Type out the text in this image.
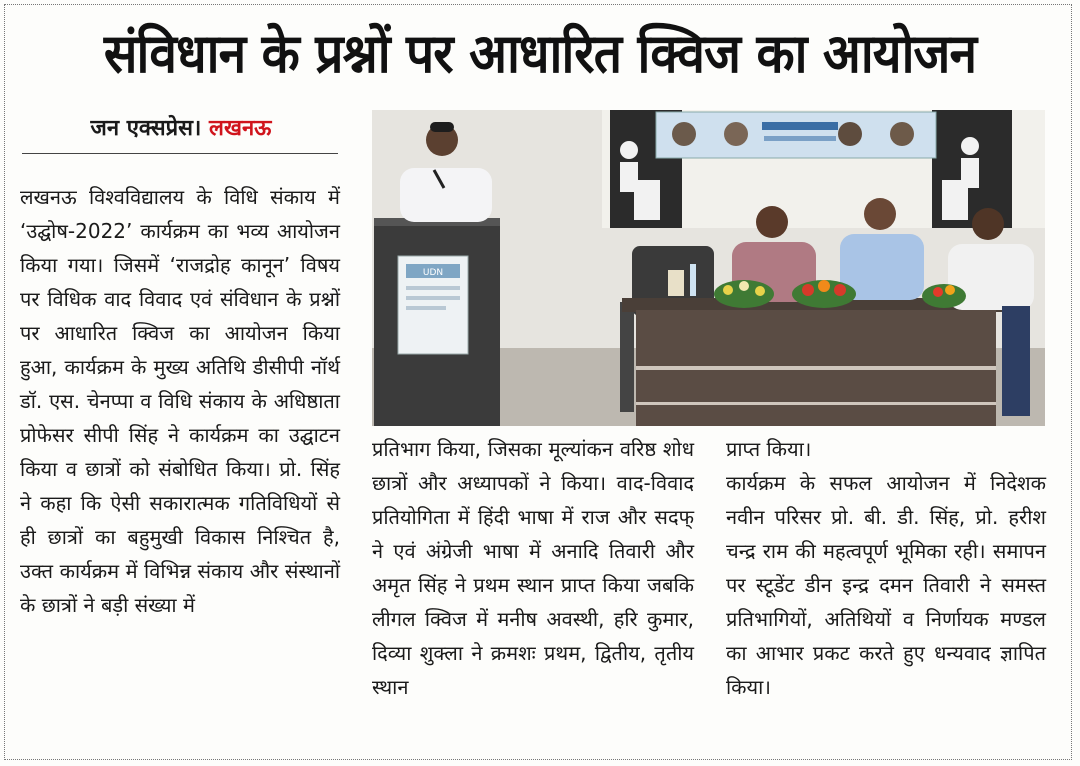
संविधान के प्रश्नों पर आधारित क्विज का आयोजन
जन एक्सप्रेस। लखनऊ

लखनऊ विश्वविद्यालय के विधि संकाय में ‘उद्घोष-2022’ कार्यक्रम का भव्य आयोजन किया गया। जिसमें ‘राजद्रोह कानून’ विषय पर विधिक वाद विवाद एवं संविधान के प्रश्नों पर आधारित क्विज का आयोजन किया हुआ, कार्यक्रम के मुख्य अतिथि डीसीपी नॉर्थ डॉ. एस. चेनप्पा व विधि संकाय के अधिष्ठाता प्रोफेसर सीपी सिंह ने कार्यक्रम का उद्घाटन किया व छात्रों को संबोधित किया। प्रो. सिंह ने कहा कि ऐसी सकारात्मक गतिविधियों से ही छात्रों का बहुमुखी विकास निश्चित है, उक्त कार्यक्रम में विभिन्न संकाय और संस्थानों के छात्रों ने बड़ी संख्या में

UDN

प्रतिभाग किया, जिसका मूल्यांकन वरिष्ठ शोध छात्रों और अध्यापकों ने किया। वाद-विवाद प्रतियोगिता में हिंदी भाषा में राज और सदफ् ने एवं अंग्रेजी भाषा में अनादि तिवारी और अमृत सिंह ने प्रथम स्थान प्राप्त किया जबकि लीगल क्विज में मनीष अवस्थी, हरि कुमार, दिव्या शुक्ला ने क्रमशः प्रथम, द्वितीय, तृतीय स्थान

प्राप्त किया।

कार्यक्रम के सफल आयोजन में निदेशक नवीन परिसर प्रो. बी. डी. सिंह, प्रो. हरीश चन्द्र राम की महत्वपूर्ण भूमिका रही। समापन पर स्टूडेंट डीन इन्द्र दमन तिवारी ने समस्त प्रतिभागियों, अतिथियों व निर्णायक मण्डल का आभार प्रकट करते हुए धन्यवाद ज्ञापित किया।
